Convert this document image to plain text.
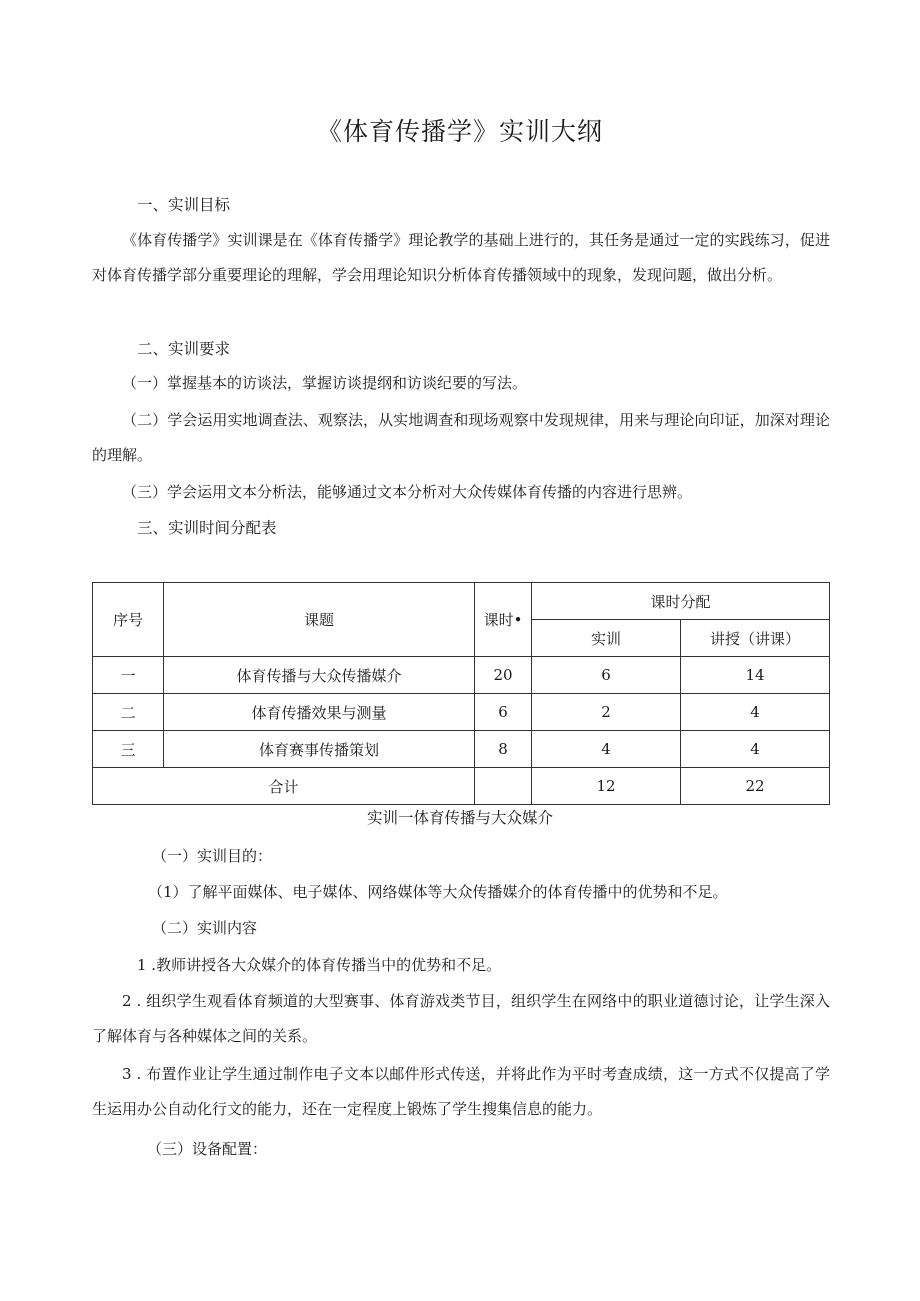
《体育传播学》实训大纲
一、实训目标
《体育传播学》实训课是在《体育传播学》理论教学的基础上进行的，其任务是通过一定的实践练习，促进对体育传播学部分重要理论的理解，学会用理论知识分析体育传播领域中的现象，发现问题，做出分析。
二、实训要求
（一）掌握基本的访谈法，掌握访谈提纲和访谈纪要的写法。
（二）学会运用实地调查法、观察法，从实地调查和现场观察中发现规律，用来与理论向印证，加深对理论的理解。
（三）学会运用文本分析法，能够通过文本分析对大众传媒体育传播的内容进行思辨。
三、实训时间分配表
序号	课题	课时•	课时分配	
			实训	讲授（讲课）
一	体育传播与大众传播媒介	20	6	14
二	体育传播效果与测量	6	2	4
三	体育赛事传播策划	8	4	4
合计			12	22
实训一体育传播与大众媒介
（一）实训目的：
（1）了解平面媒体、电子媒体、网络媒体等大众传播媒介的体育传播中的优势和不足。
（二）实训内容
1 .教师讲授各大众媒介的体育传播当中的优势和不足。
2 . 组织学生观看体育频道的大型赛事、体育游戏类节目，组织学生在网络中的职业道德讨论，让学生深入了解体育与各种媒体之间的关系。
3 . 布置作业让学生通过制作电子文本以邮件形式传送，并将此作为平时考查成绩，这一方式不仅提高了学生运用办公自动化行文的能力，还在一定程度上锻炼了学生搜集信息的能力。
（三）设备配置：
